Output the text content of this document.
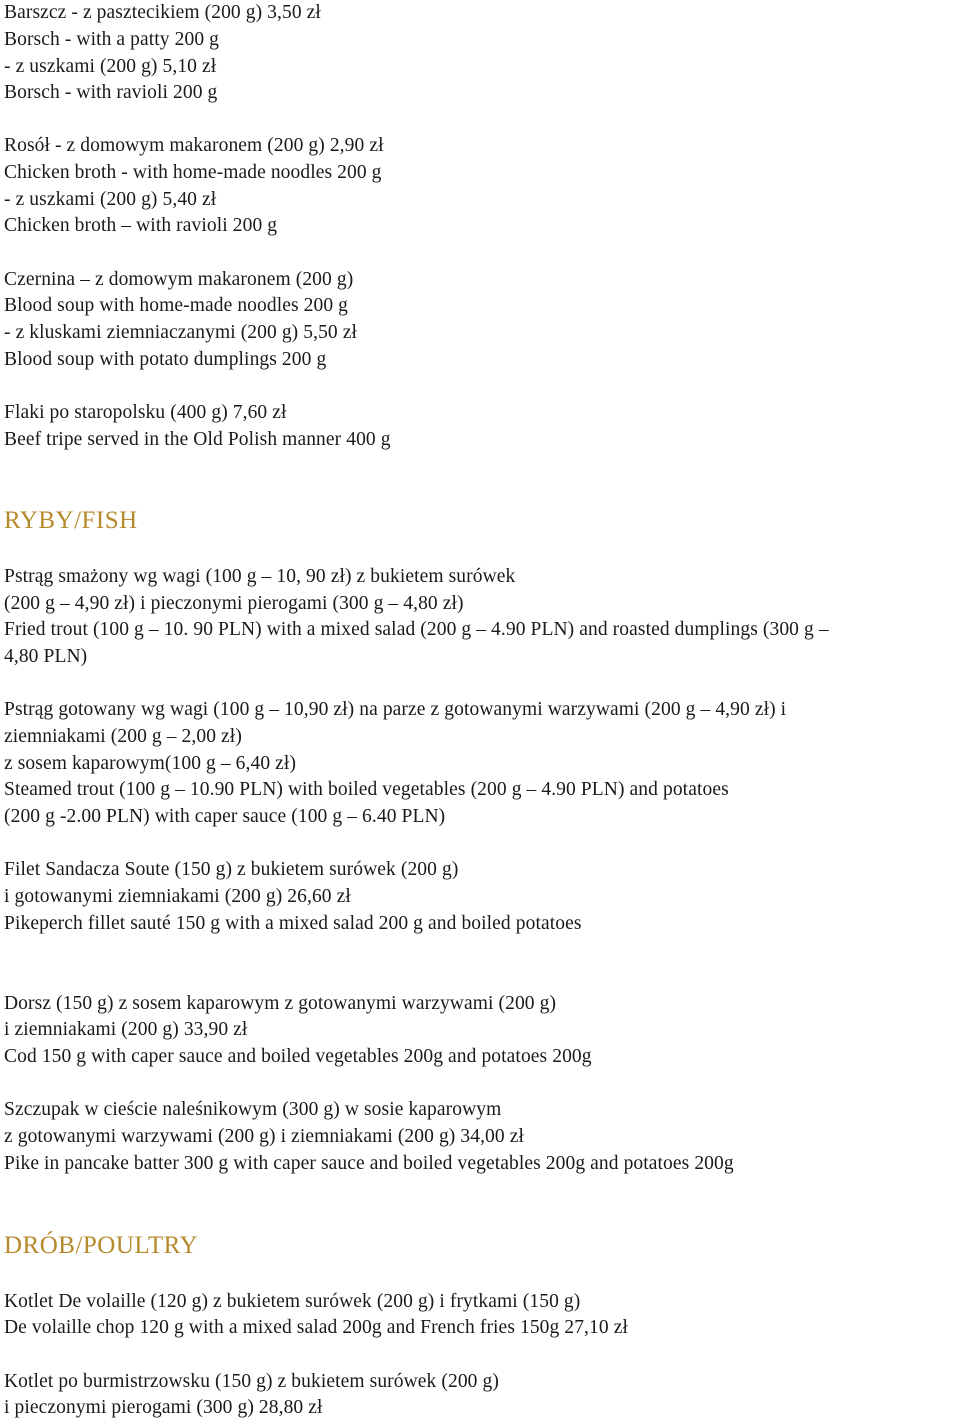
Barszcz - z pasztecikiem (200 g) 3,50 zł
Borsch - with a patty 200 g
- z uszkami (200 g) 5,10 zł
Borsch - with ravioli 200 g
Rosół - z domowym makaronem (200 g) 2,90 zł
Chicken broth - with home-made noodles 200 g
- z uszkami (200 g) 5,40 zł
Chicken broth – with ravioli 200 g
Czernina – z domowym makaronem (200 g)
Blood soup with home-made noodles 200 g
- z kluskami ziemniaczanymi (200 g) 5,50 zł
Blood soup with potato dumplings 200 g
Flaki po staropolsku (400 g) 7,60 zł
Beef tripe served in the Old Polish manner 400 g
RYBY/FISH
Pstrąg smażony wg wagi (100 g – 10, 90 zł) z bukietem surówek
(200 g – 4,90 zł) i pieczonymi pierogami (300 g – 4,80 zł)
Fried trout (100 g – 10. 90 PLN) with a mixed salad (200 g – 4.90 PLN) and roasted dumplings (300 g –
4,80 PLN)
Pstrąg gotowany wg wagi (100 g – 10,90 zł) na parze z gotowanymi warzywami (200 g – 4,90 zł) i
ziemniakami (200 g – 2,00 zł)
z sosem kaparowym(100 g – 6,40 zł)
Steamed trout (100 g – 10.90 PLN) with boiled vegetables (200 g – 4.90 PLN) and potatoes
(200 g -2.00 PLN) with caper sauce (100 g – 6.40 PLN)
Filet Sandacza Soute (150 g) z bukietem surówek (200 g)
i gotowanymi ziemniakami (200 g) 26,60 zł
Pikeperch fillet sauté 150 g with a mixed salad 200 g and boiled potatoes
Dorsz (150 g) z sosem kaparowym z gotowanymi warzywami (200 g)
i ziemniakami (200 g) 33,90 zł
Cod 150 g with caper sauce and boiled vegetables 200g and potatoes 200g
Szczupak w cieście naleśnikowym (300 g) w sosie kaparowym
z gotowanymi warzywami (200 g) i ziemniakami (200 g) 34,00 zł
Pike in pancake batter 300 g with caper sauce and boiled vegetables 200g and potatoes 200g
DRÓB/POULTRY
Kotlet De volaille (120 g) z bukietem surówek (200 g) i frytkami (150 g)
De volaille chop 120 g with a mixed salad 200g and French fries 150g 27,10 zł
Kotlet po burmistrzowsku (150 g) z bukietem surówek (200 g)
i pieczonymi pierogami (300 g) 28,80 zł
